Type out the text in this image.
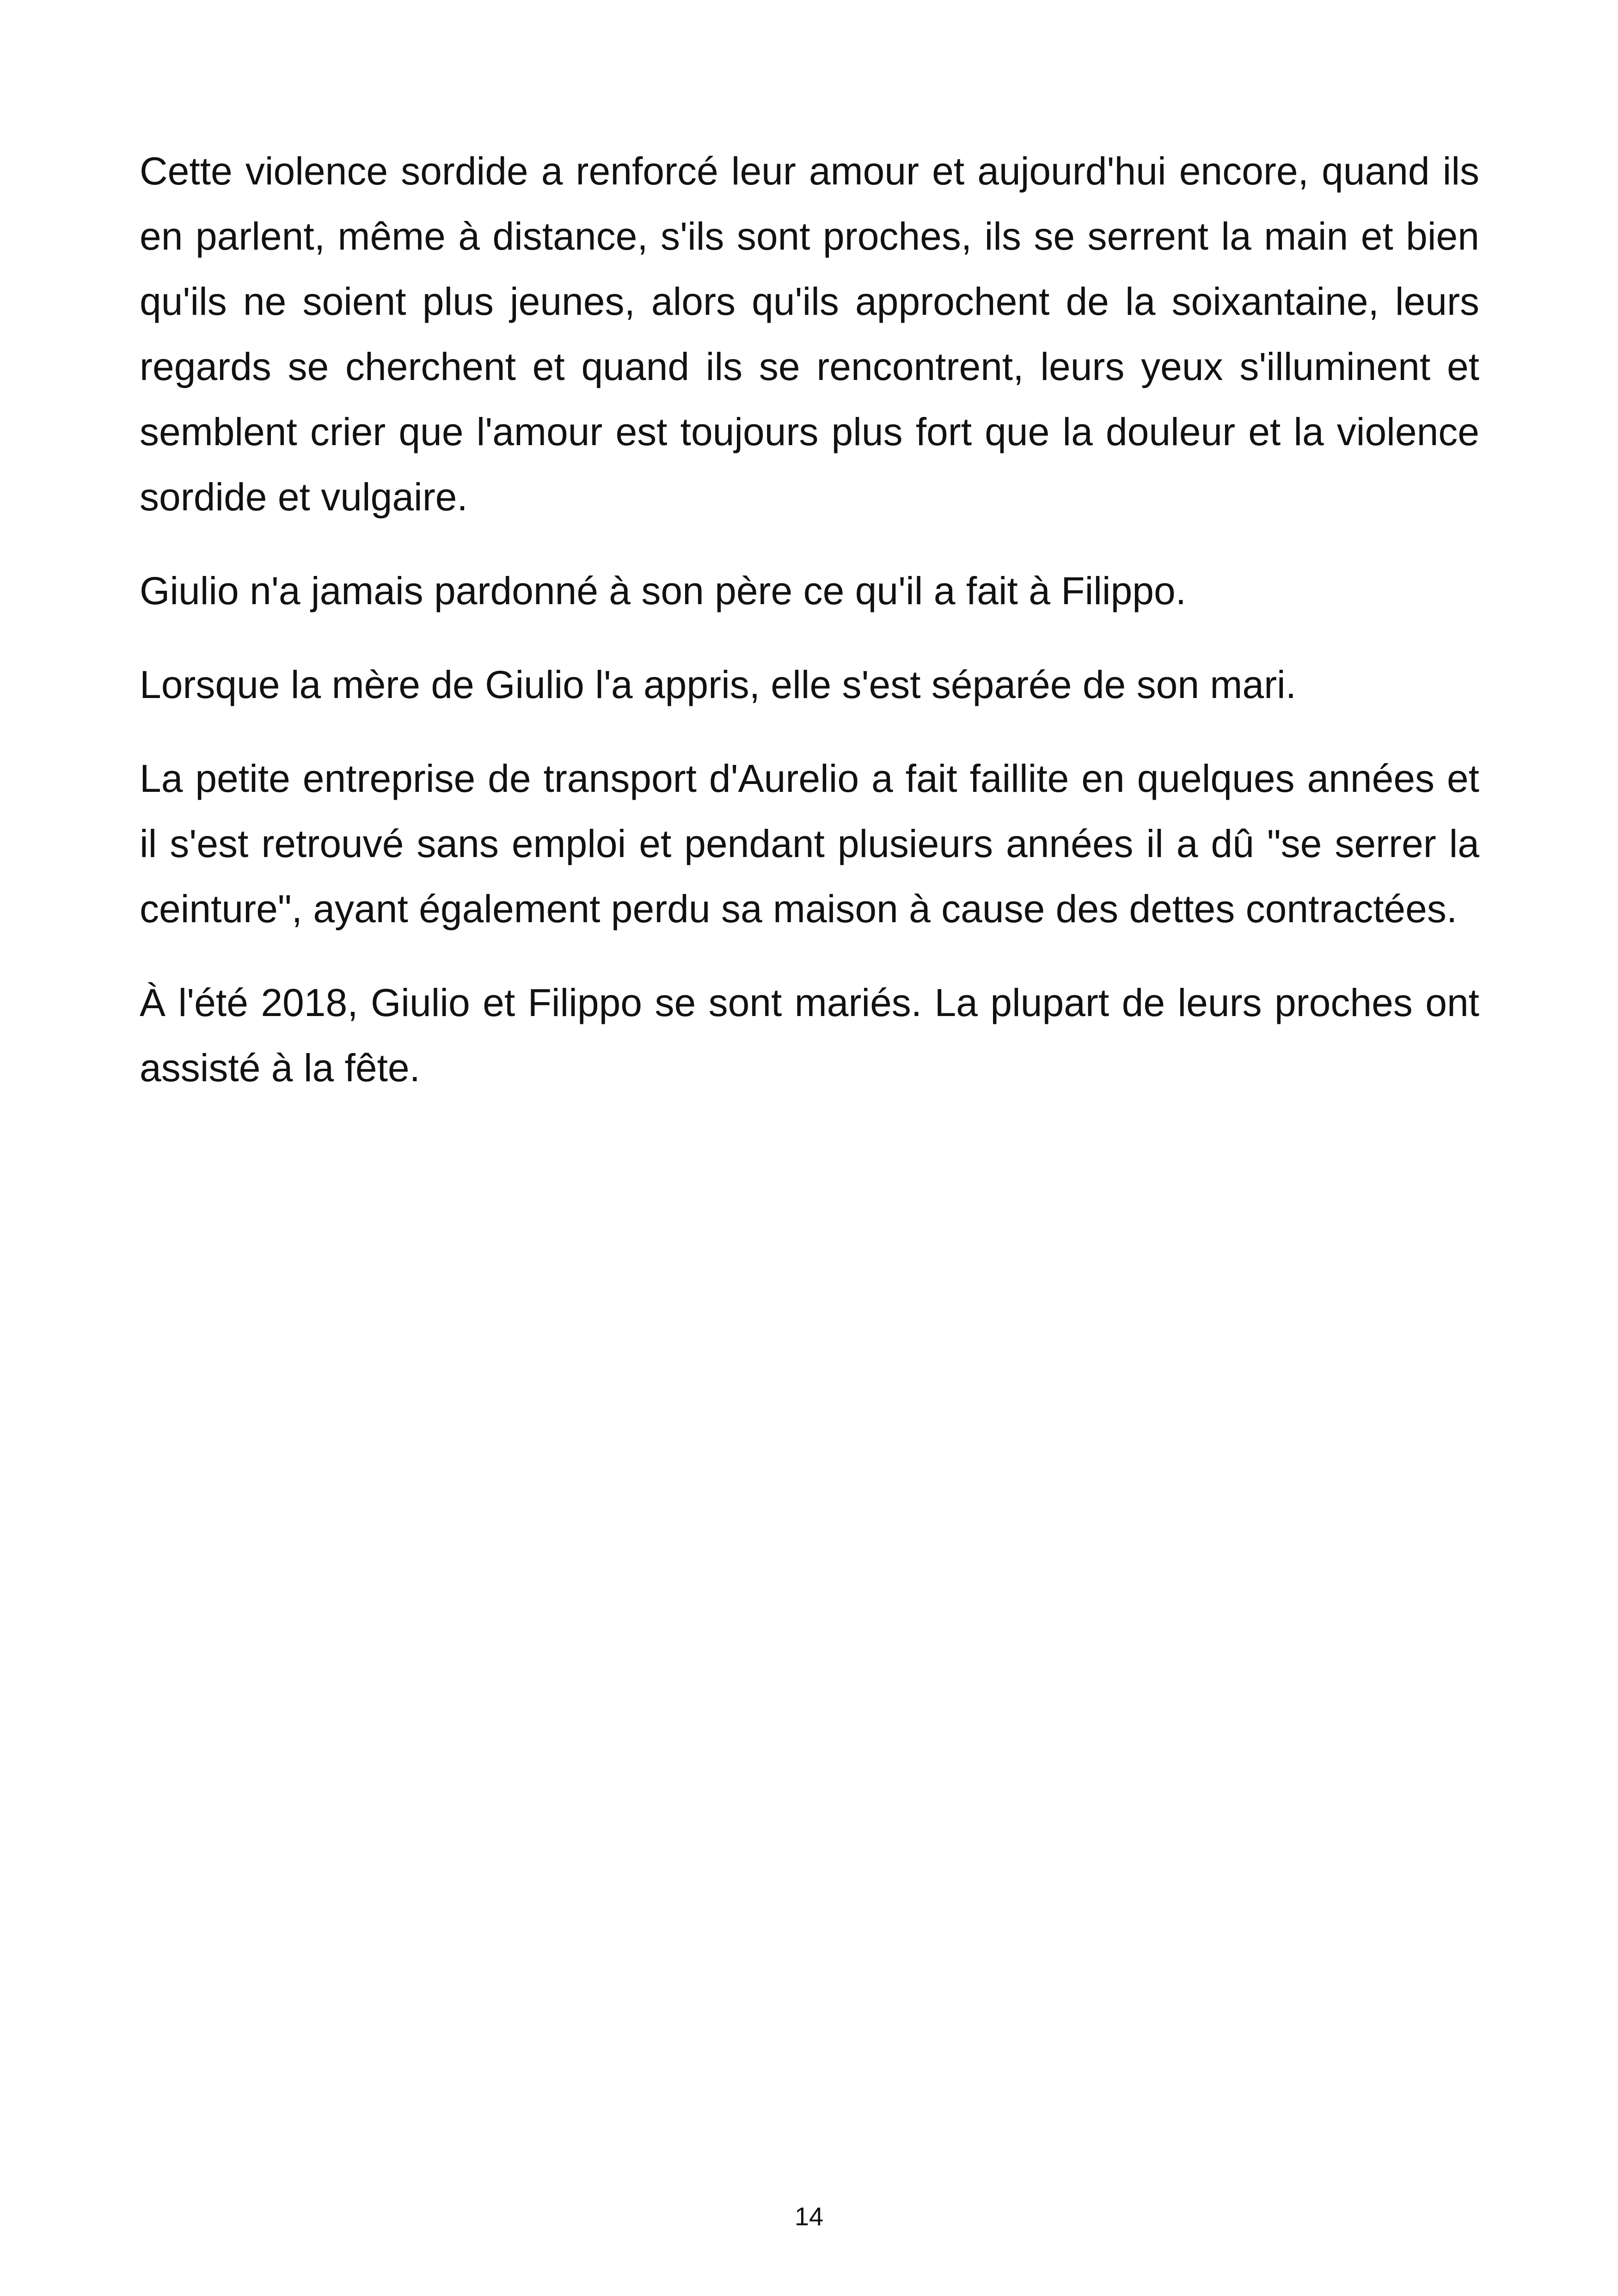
Cette violence sordide a renforcé leur amour et aujourd'hui encore, quand ils en parlent, même à distance, s'ils sont proches, ils se serrent la main et bien qu'ils ne soient plus jeunes, alors qu'ils approchent de la soixantaine, leurs regards se cherchent et quand ils se rencontrent, leurs yeux s'illuminent et semblent crier que l'amour est toujours plus fort que la douleur et la violence sordide et vulgaire.

Giulio n'a jamais pardonné à son père ce qu'il a fait à Filippo.

Lorsque la mère de Giulio l'a appris, elle s'est séparée de son mari.

La petite entreprise de transport d'Aurelio a fait faillite en quelques années et il s'est retrouvé sans emploi et pendant plusieurs années il a dû "se serrer la ceinture", ayant également perdu sa maison à cause des dettes contractées.

À l'été 2018, Giulio et Filippo se sont mariés. La plupart de leurs proches ont assisté à la fête.

14
